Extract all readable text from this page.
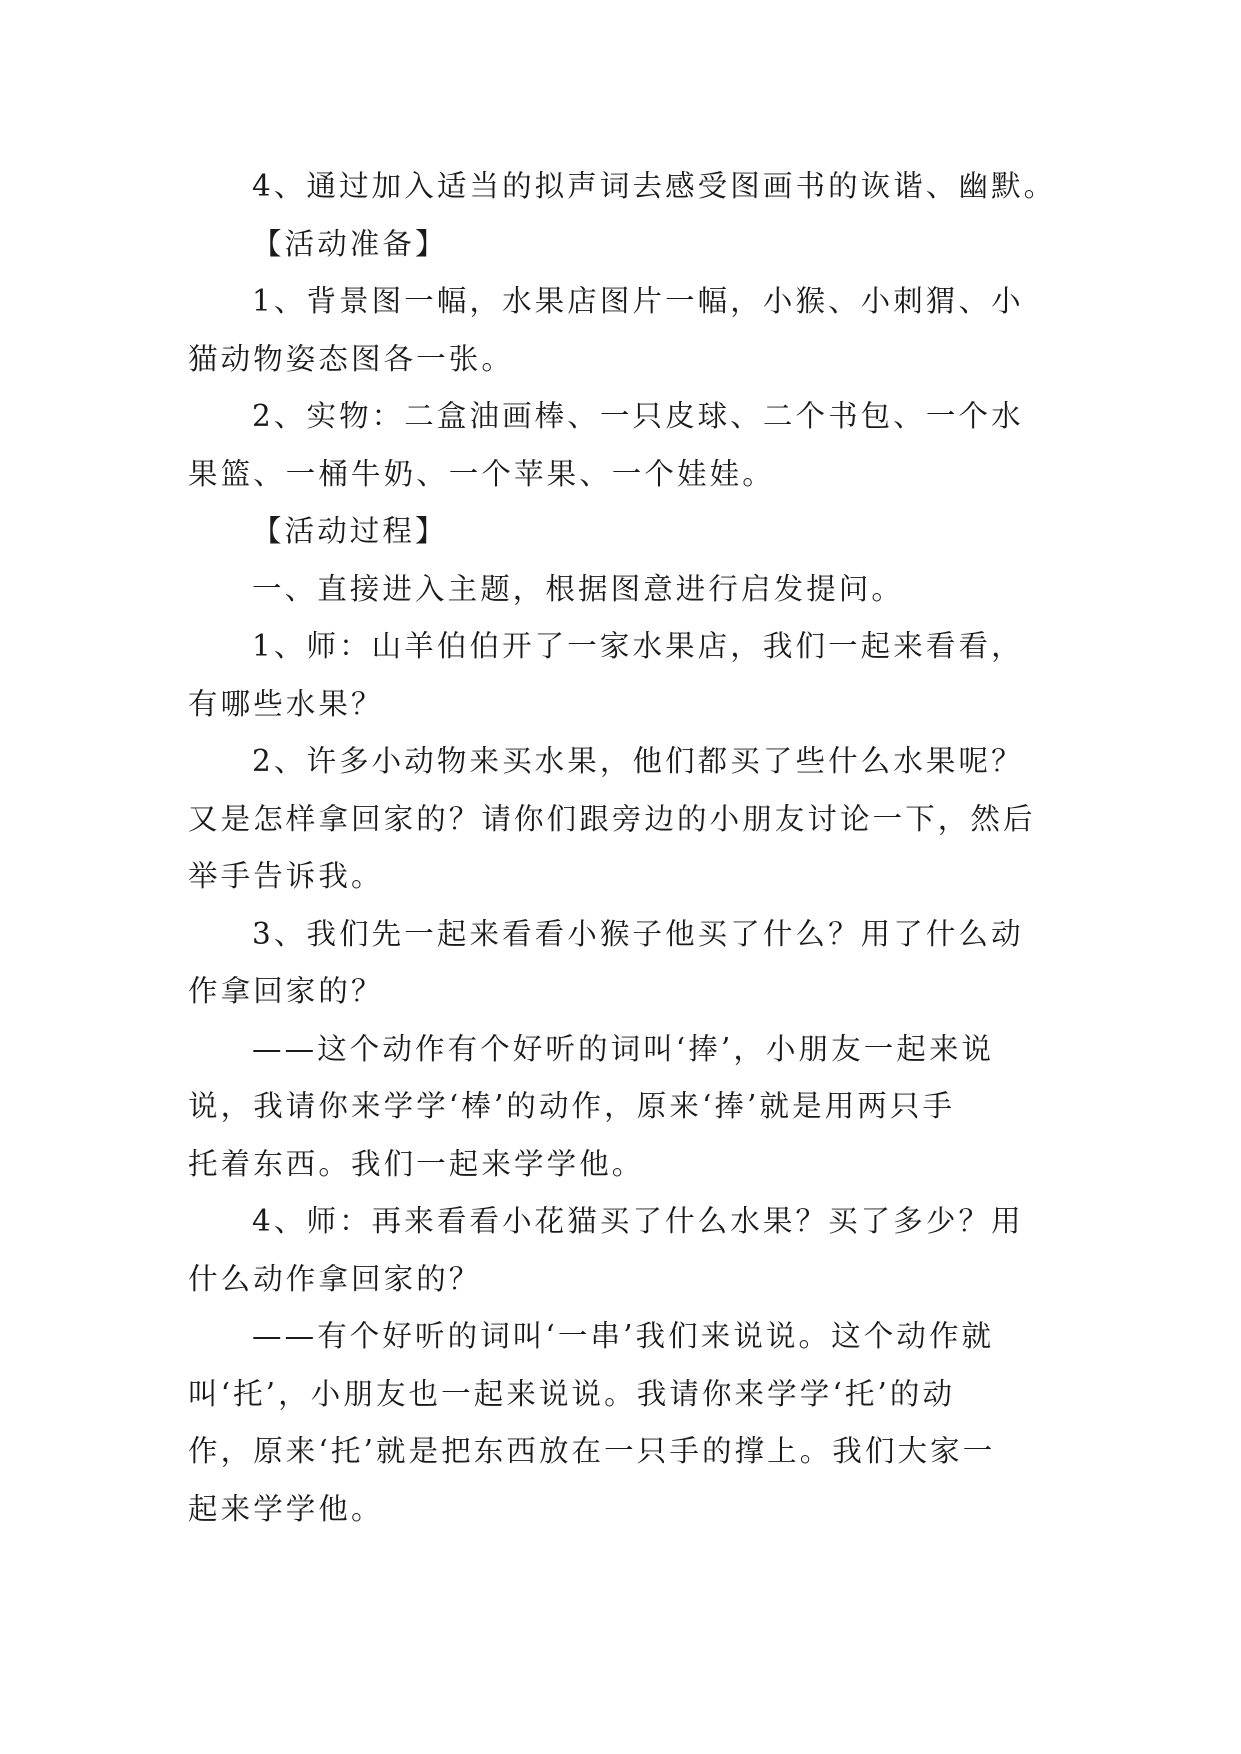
4、通过加入适当的拟声词去感受图画书的诙谐、幽默。
【活动准备】
1、背景图一幅，水果店图片一幅，小猴、小刺猬、小
猫动物姿态图各一张。
2、实物：二盒油画棒、一只皮球、二个书包、一个水
果篮、一桶牛奶、一个苹果、一个娃娃。
【活动过程】
一、直接进入主题，根据图意进行启发提问。
1、师：山羊伯伯开了一家水果店，我们一起来看看，
有哪些水果？
2、许多小动物来买水果，他们都买了些什么水果呢？
又是怎样拿回家的？请你们跟旁边的小朋友讨论一下，然后
举手告诉我。
3、我们先一起来看看小猴子他买了什么？用了什么动
作拿回家的？
——这个动作有个好听的词叫‘捧’，小朋友一起来说
说，我请你来学学‘棒’的动作，原来‘捧’就是用两只手
托着东西。我们一起来学学他。
4、师：再来看看小花猫买了什么水果？买了多少？用
什么动作拿回家的？
——有个好听的词叫‘一串’我们来说说。这个动作就
叫‘托’，小朋友也一起来说说。我请你来学学‘托’的动
作，原来‘托’就是把东西放在一只手的撑上。我们大家一
起来学学他。
